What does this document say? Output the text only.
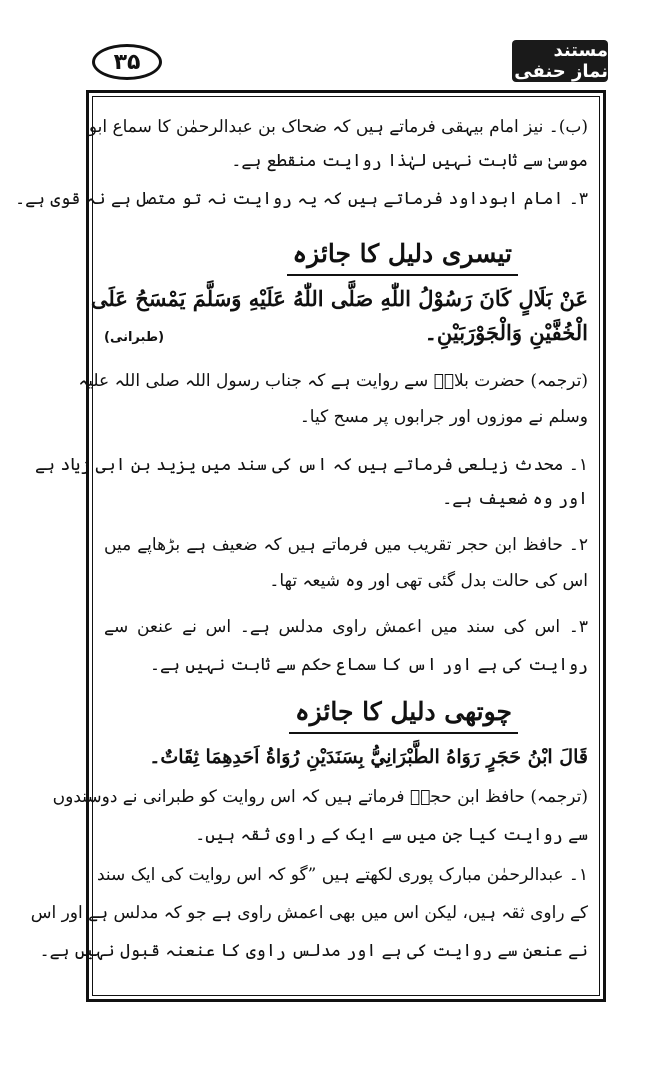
۳۵	مستند نماز حنفی
(ب)۔ نیز امام بیہقی فرماتے ہیں کہ ضحاک بن عبدالرحمٰن کا سماع ابو
موسیٰ سے ثابت نہیں لہٰذا روایت منقطع ہے۔
۳۔ امام ابوداود فرماتے ہیں کہ یہ روایت نہ تو متصل ہے نہ قوی ہے۔
تیسری دلیل کا جائزہ
عَنْ بَلَالٍ كَانَ رَسُوْلُ اللّٰهِ صَلَّى اللّٰهُ عَلَيْهِ وَسَلَّمَ يَمْسَحُ عَلَى
الْخُفَّيْنِ وَالْجَوْرَبَيْنِ۔
(طبرانی)
(ترجمہ) حضرت بلالؓ سے روایت ہے کہ جناب رسول اللہ صلی اللہ علیہ
وسلم نے موزوں اور جرابوں پر مسح کیا۔
۱۔ محدث زیلعی فرماتے ہیں کہ اس کی سند میں یزید بن ابی زیاد ہے
اور وہ ضعیف ہے۔
۲۔ حافظ ابن حجر تقریب میں فرماتے ہیں کہ ضعیف ہے بڑھاپے میں
اس کی حالت بدل گئی تھی اور وہ شیعہ تھا۔
۳۔ اس کی سند میں اعمش راوی مدلس ہے۔ اس نے عنعن سے
روایت کی ہے اور اس کا سماع حکم سے ثابت نہیں ہے۔
چوتھی دلیل کا جائزہ
قَالَ ابْنُ حَجَرٍ رَوَاهُ الطَّبْرَانِيُّ بِسَنَدَيْنِ رُوَاةُ اَحَدِهِمَا ثِقَاتٌ۔
(ترجمہ) حافظ ابن حجرؒ فرماتے ہیں کہ اس روایت کو طبرانی نے دوسندوں
سے روایت کیا جن میں سے ایک کے راوی ثقہ ہیں۔
۱۔ عبدالرحمٰن مبارک پوری لکھتے ہیں ”گو کہ اس روایت کی ایک سند
کے راوی ثقہ ہیں، لیکن اس میں بھی اعمش راوی ہے جو کہ مدلس ہے اور اس
نے عنعن سے روایت کی ہے اور مدلس راوی کا عنعنہ قبول نہیں ہے۔
